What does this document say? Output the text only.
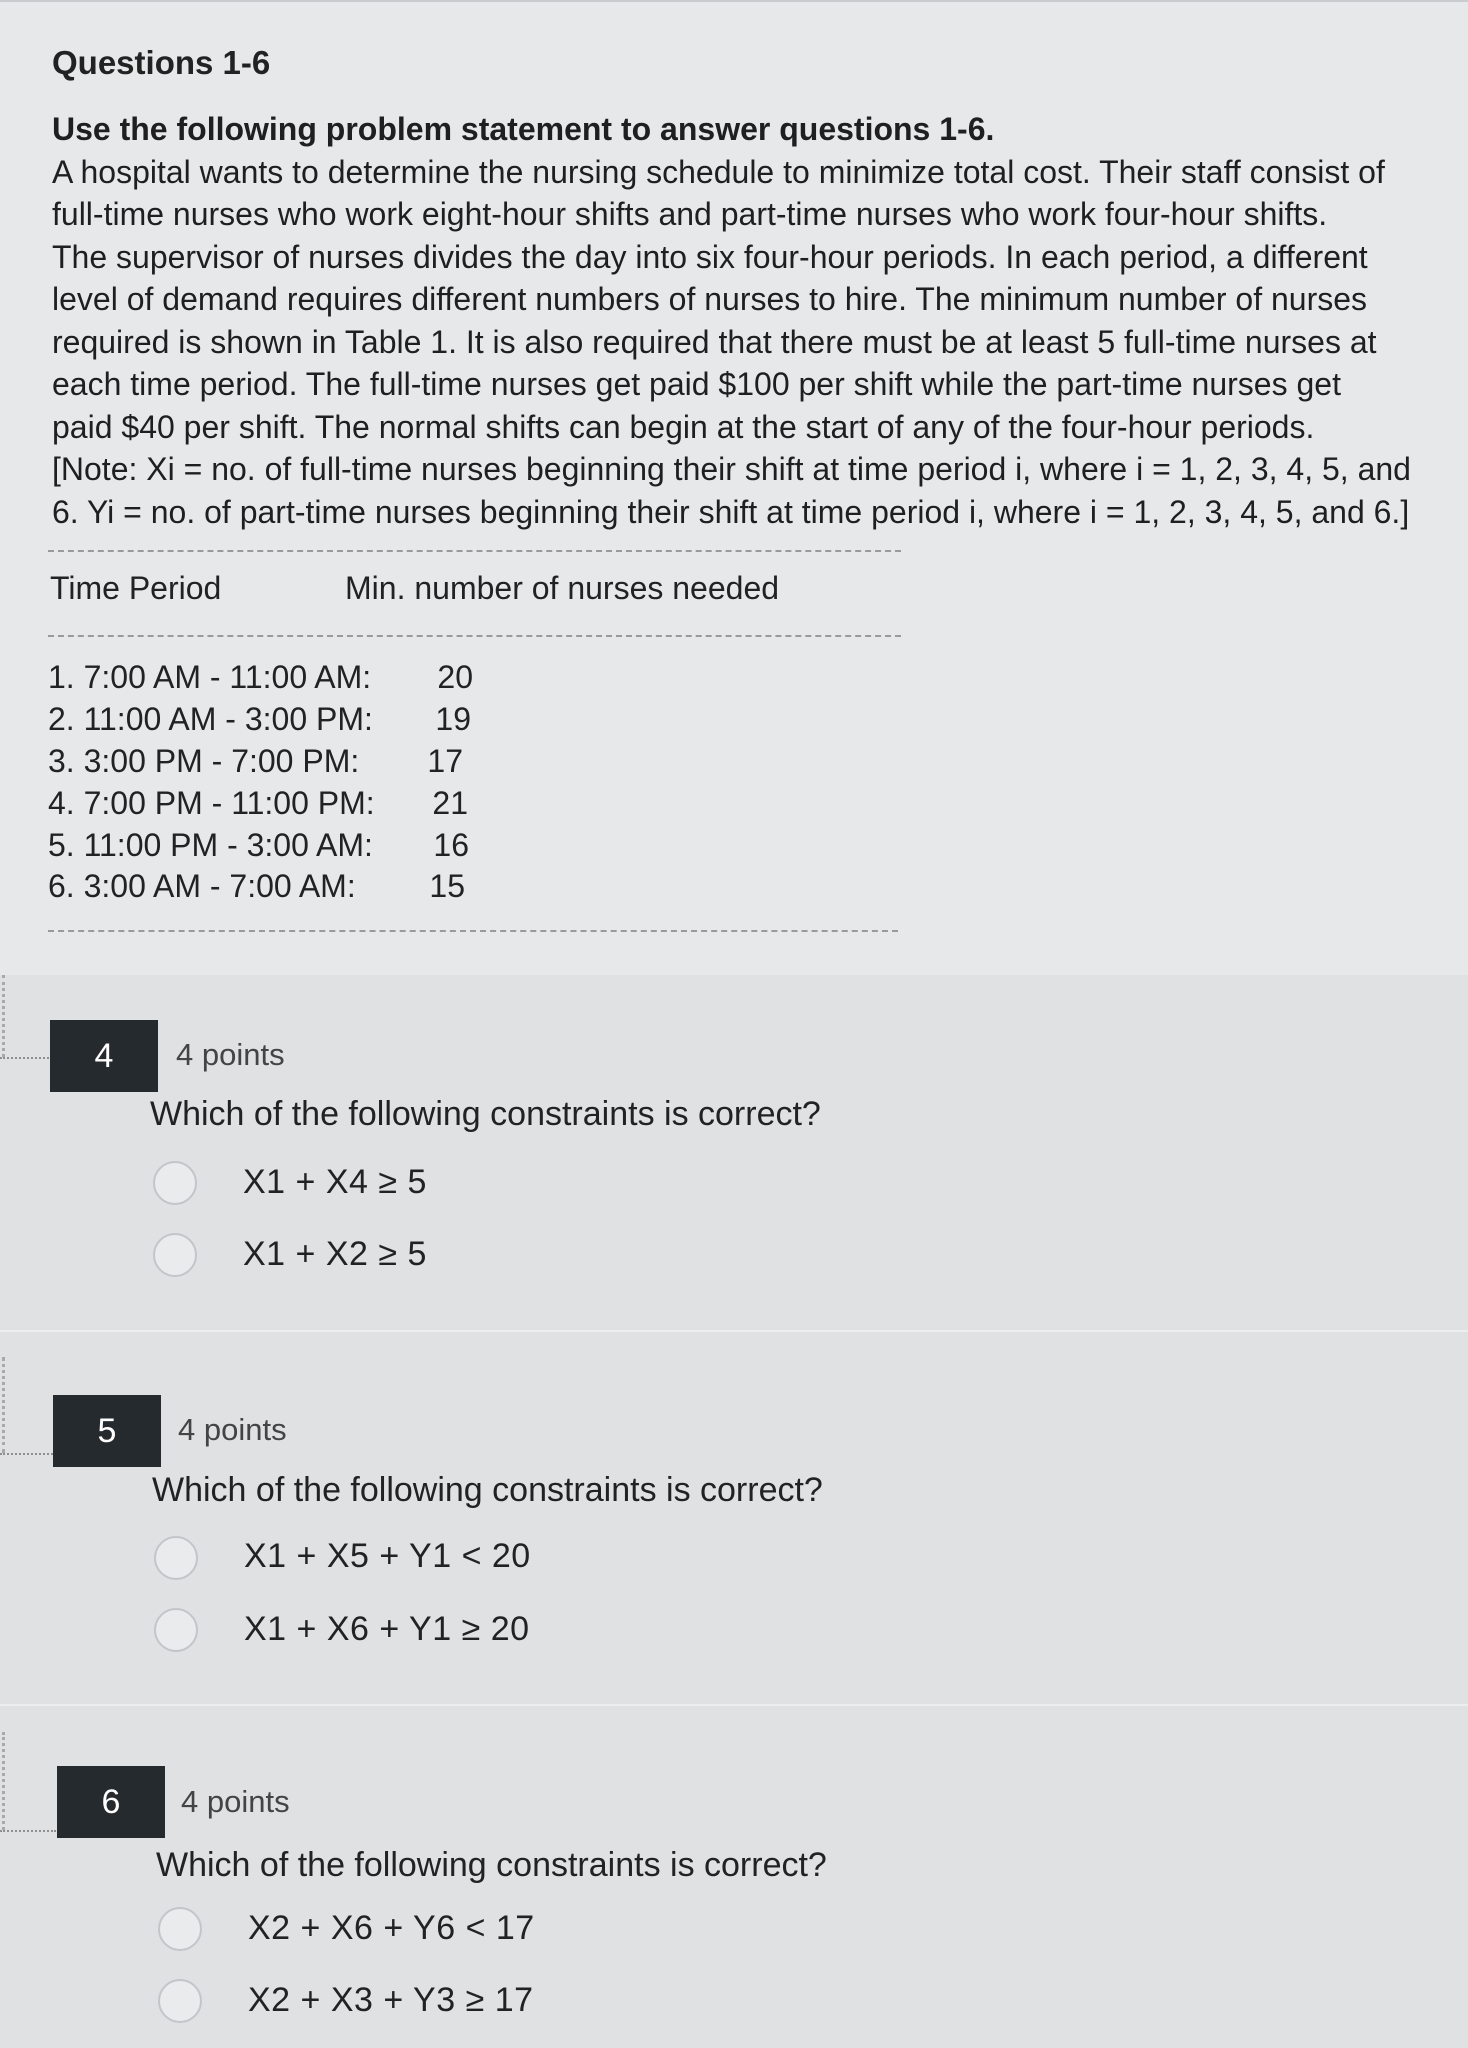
Questions 1-6
Use the following problem statement to answer questions 1-6.
A hospital wants to determine the nursing schedule to minimize total cost. Their staff consist of
full-time nurses who work eight-hour shifts and part-time nurses who work four-hour shifts.
The supervisor of nurses divides the day into six four-hour periods. In each period, a different
level of demand requires different numbers of nurses to hire. The minimum number of nurses
required is shown in Table 1. It is also required that there must be at least 5 full-time nurses at
each time period. The full-time nurses get paid $100 per shift while the part-time nurses get
paid $40 per shift. The normal shifts can begin at the start of any of the four-hour periods.
[Note: Xi = no. of full-time nurses beginning their shift at time period i, where i = 1, 2, 3, 4, 5, and
6. Yi = no. of part-time nurses beginning their shift at time period i, where i = 1, 2, 3, 4, 5, and 6.]
Time Period	Min. number of nurses needed
1. 7:00 AM - 11:00 AM:	20
2. 11:00 AM - 3:00 PM:	19
3. 3:00 PM - 7:00 PM:	17
4. 7:00 PM - 11:00 PM:	21
5. 11:00 PM - 3:00 AM:	16
6. 3:00 AM - 7:00 AM:	15
4	4 points
Which of the following constraints is correct?
X1 + X4 ≥ 5
X1 + X2 ≥ 5
5	4 points
Which of the following constraints is correct?
X1 + X5 + Y1 < 20
X1 + X6 + Y1 ≥ 20
6	4 points
Which of the following constraints is correct?
X2 + X6 + Y6 < 17
X2 + X3 + Y3 ≥ 17
